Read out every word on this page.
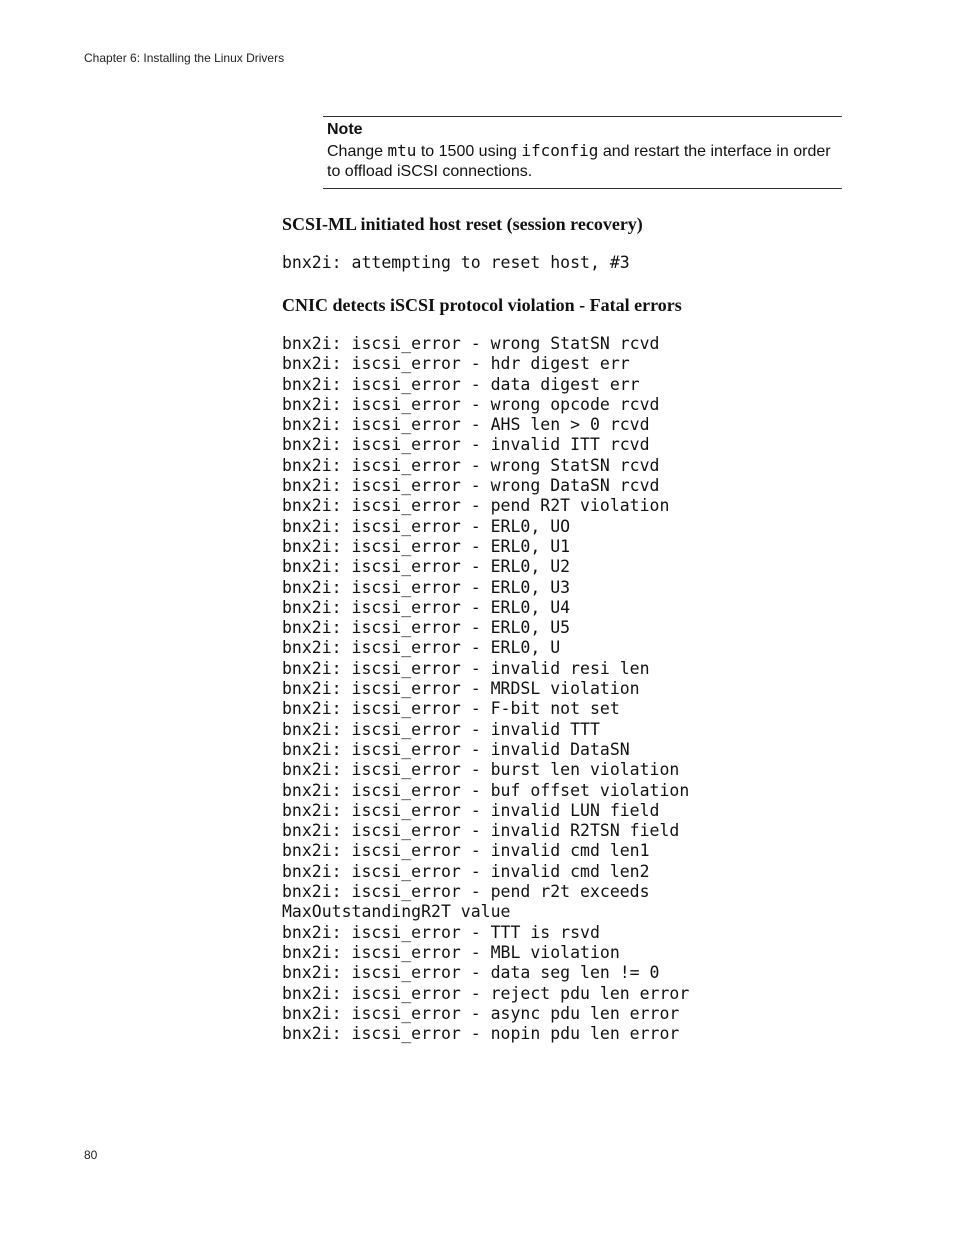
Chapter 6: Installing the Linux Drivers
Note
Change mtu to 1500 using ifconfig and restart the interface in order to offload iSCSI connections.
SCSI-ML initiated host reset (session recovery)
bnx2i: attempting to reset host, #3
CNIC detects iSCSI protocol violation - Fatal errors
bnx2i: iscsi_error - wrong StatSN rcvd
bnx2i: iscsi_error - hdr digest err
bnx2i: iscsi_error - data digest err
bnx2i: iscsi_error - wrong opcode rcvd
bnx2i: iscsi_error - AHS len > 0 rcvd
bnx2i: iscsi_error - invalid ITT rcvd
bnx2i: iscsi_error - wrong StatSN rcvd
bnx2i: iscsi_error - wrong DataSN rcvd
bnx2i: iscsi_error - pend R2T violation
bnx2i: iscsi_error - ERL0, UO
bnx2i: iscsi_error - ERL0, U1
bnx2i: iscsi_error - ERL0, U2
bnx2i: iscsi_error - ERL0, U3
bnx2i: iscsi_error - ERL0, U4
bnx2i: iscsi_error - ERL0, U5
bnx2i: iscsi_error - ERL0, U
bnx2i: iscsi_error - invalid resi len
bnx2i: iscsi_error - MRDSL violation
bnx2i: iscsi_error - F-bit not set
bnx2i: iscsi_error - invalid TTT
bnx2i: iscsi_error - invalid DataSN
bnx2i: iscsi_error - burst len violation
bnx2i: iscsi_error - buf offset violation
bnx2i: iscsi_error - invalid LUN field
bnx2i: iscsi_error - invalid R2TSN field
bnx2i: iscsi_error - invalid cmd len1
bnx2i: iscsi_error - invalid cmd len2
bnx2i: iscsi_error - pend r2t exceeds
MaxOutstandingR2T value
bnx2i: iscsi_error - TTT is rsvd
bnx2i: iscsi_error - MBL violation
bnx2i: iscsi_error - data seg len != 0
bnx2i: iscsi_error - reject pdu len error
bnx2i: iscsi_error - async pdu len error
bnx2i: iscsi_error - nopin pdu len error
80
